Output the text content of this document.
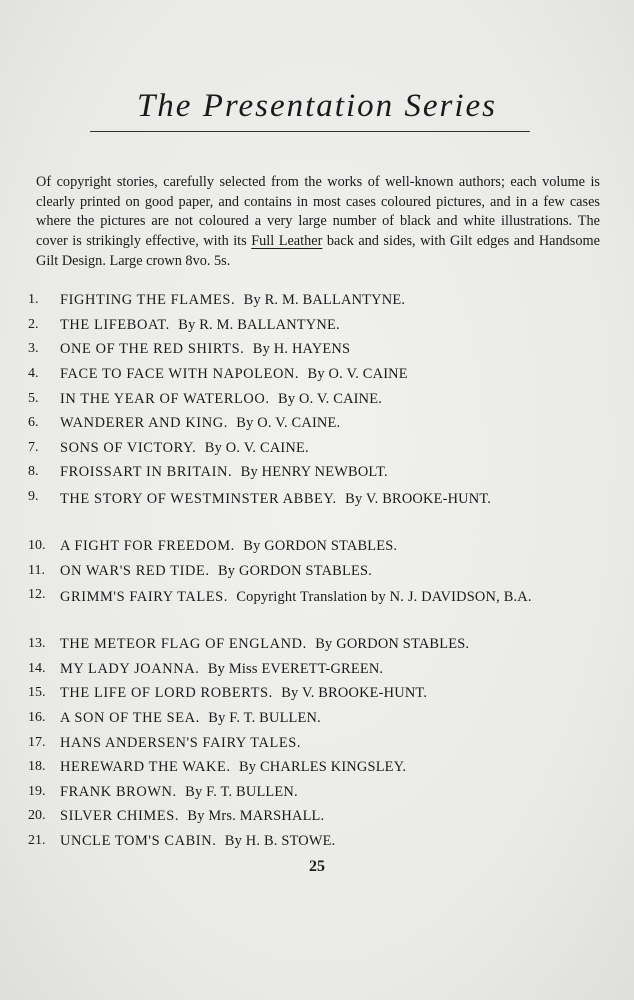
The Presentation Series

Of copyright stories, carefully selected from the works of well-known authors; each volume is clearly printed on good paper, and contains in most cases coloured pictures, and in a few cases where the pictures are not coloured a very large number of black and white illustrations. The cover is strikingly effective, with its Full Leather back and sides, with Gilt edges and Handsome Gilt Design. Large crown 8vo. 5s.

1.	FIGHTING THE FLAMES. By R. M. BALLANTYNE.
2.	THE LIFEBOAT. By R. M. BALLANTYNE.
3.	ONE OF THE RED SHIRTS. By H. HAYENS
4.	FACE TO FACE WITH NAPOLEON. By O. V. CAINE
5.	IN THE YEAR OF WATERLOO. By O. V. CAINE.
6.	WANDERER AND KING. By O. V. CAINE.
7.	SONS OF VICTORY. By O. V. CAINE.
8.	FROISSART IN BRITAIN. By HENRY NEWBOLT.
9.	THE STORY OF WESTMINSTER ABBEY. By V. BROOKE-HUNT.
10.	A FIGHT FOR FREEDOM. By GORDON STABLES.
11.	ON WAR'S RED TIDE. By GORDON STABLES.
12.	GRIMM'S FAIRY TALES. Copyright Translation by N. J. DAVIDSON, B.A.
13.	THE METEOR FLAG OF ENGLAND. By GORDON STABLES.
14.	MY LADY JOANNA. By Miss EVERETT-GREEN.
15.	THE LIFE OF LORD ROBERTS. By V. BROOKE-HUNT.
16.	A SON OF THE SEA. By F. T. BULLEN.
17.	HANS ANDERSEN'S FAIRY TALES.
18.	HEREWARD THE WAKE. By CHARLES KINGSLEY.
19.	FRANK BROWN. By F. T. BULLEN.
20.	SILVER CHIMES. By Mrs. MARSHALL.
21.	UNCLE TOM'S CABIN. By H. B. STOWE.
25
